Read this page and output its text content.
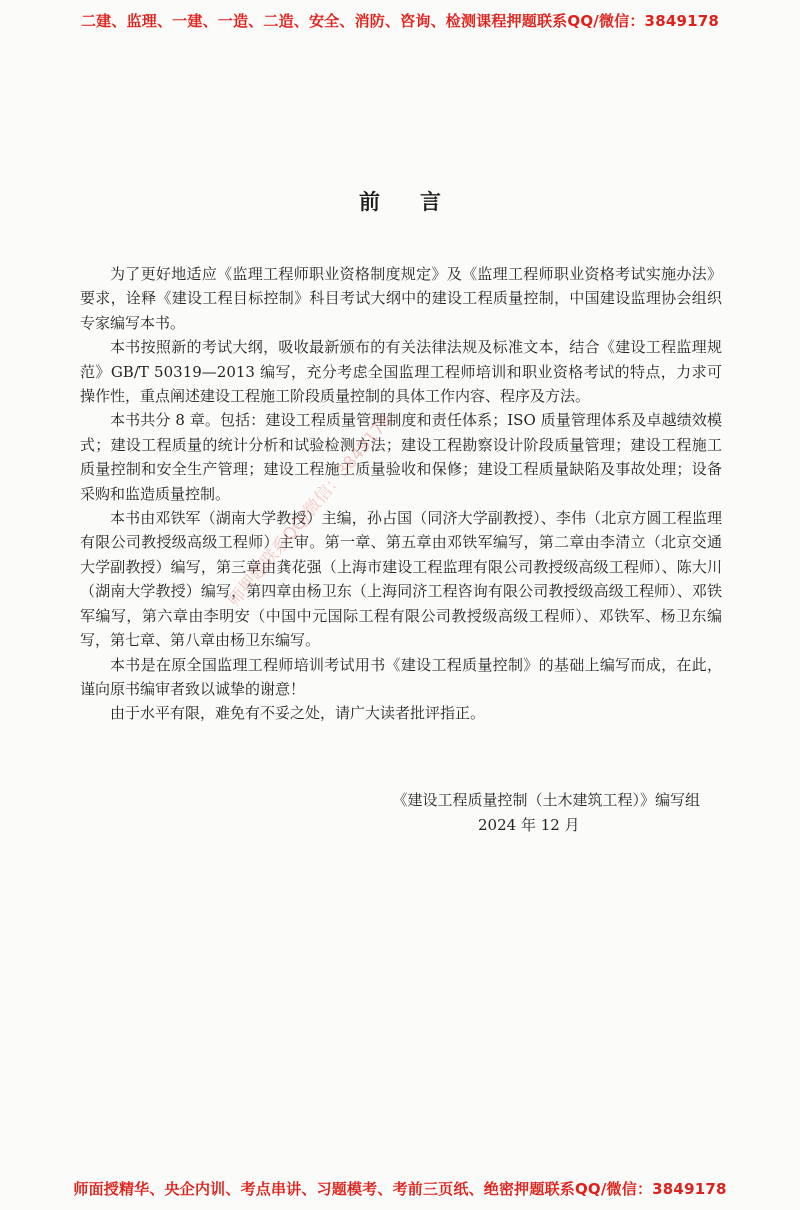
二建、监理、一建、一造、二造、安全、消防、咨询、检测课程押题联系QQ/微信：3849178
前言

为了更好地适应《监理工程师职业资格制度规定》及《监理工程师职业资格考试实施办法》要求，诠释《建设工程目标控制》科目考试大纲中的建设工程质量控制，中国建设监理协会组织专家编写本书。

本书按照新的考试大纲，吸收最新颁布的有关法律法规及标准文本，结合《建设工程监理规范》GB/T 50319—2013 编写，充分考虑全国监理工程师培训和职业资格考试的特点，力求可操作性，重点阐述建设工程施工阶段质量控制的具体工作内容、程序及方法。

本书共分 8 章。包括：建设工程质量管理制度和责任体系；ISO 质量管理体系及卓越绩效模式；建设工程质量的统计分析和试验检测方法；建设工程勘察设计阶段质量管理；建设工程施工质量控制和安全生产管理；建设工程施工质量验收和保修；建设工程质量缺陷及事故处理；设备采购和监造质量控制。

本书由邓铁军（湖南大学教授）主编，孙占国（同济大学副教授）、李伟（北京方圆工程监理有限公司教授级高级工程师）主审。第一章、第五章由邓铁军编写，第二章由李清立（北京交通大学副教授）编写，第三章由龚花强（上海市建设工程监理有限公司教授级高级工程师）、陈大川（湖南大学教授）编写，第四章由杨卫东（上海同济工程咨询有限公司教授级高级工程师）、邓铁军编写，第六章由李明安（中国中元国际工程有限公司教授级高级工程师）、邓铁军、杨卫东编写，第七章、第八章由杨卫东编写。

本书是在原全国监理工程师培训考试用书《建设工程质量控制》的基础上编写而成，在此，谨向原书编审者致以诚挚的谢意！

由于水平有限，难免有不妥之处，请广大读者批评指正。

《建设工程质量控制（土木建筑工程）》编写组
2024 年 12 月
师押题联系QQ/微信：3849178
师面授精华、央企内训、考点串讲、习题模考、考前三页纸、绝密押题联系QQ/微信：3849178
